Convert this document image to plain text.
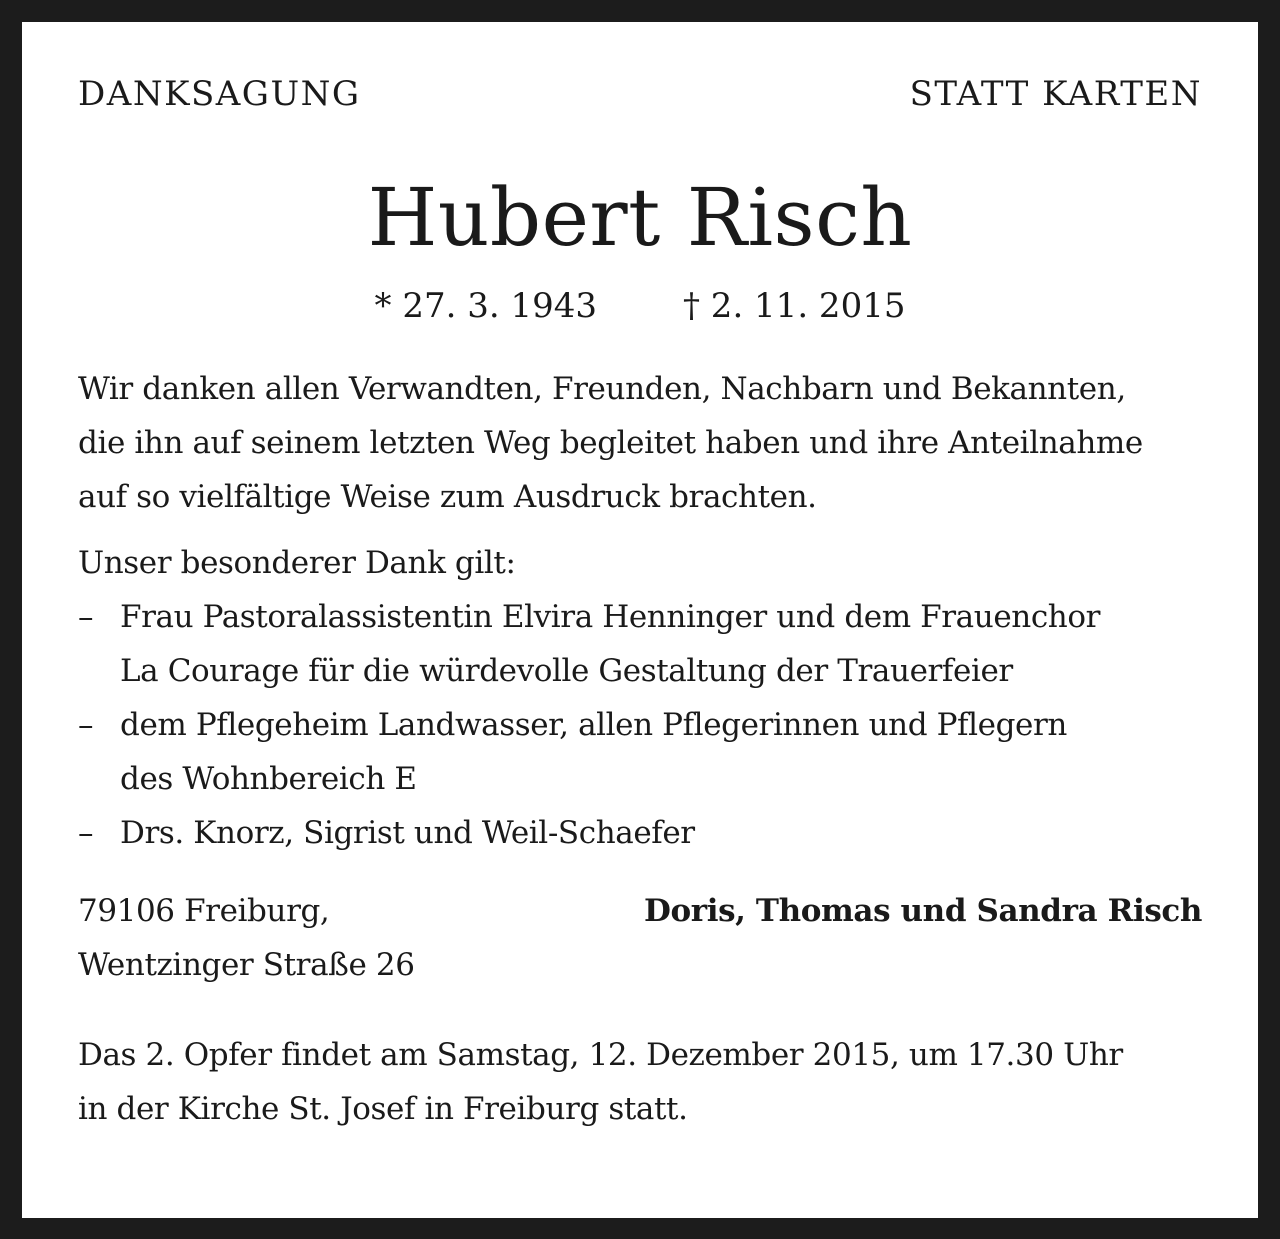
DANKSAGUNG	STATT KARTEN
Hubert Risch
* 27. 3. 1943	† 2. 11. 2015
Wir danken allen Verwandten, Freunden, Nachbarn und Bekannten,
die ihn auf seinem letzten Weg begleitet haben und ihre Anteilnahme
auf so vielfältige Weise zum Ausdruck brachten.
Unser besonderer Dank gilt:
– Frau Pastoralassistentin Elvira Henninger und dem Frauenchor
La Courage für die würdevolle Gestaltung der Trauerfeier
– dem Pflegeheim Landwasser, allen Pflegerinnen und Pflegern
des Wohnbereich E
– Drs. Knorz, Sigrist und Weil-Schaefer
79106 Freiburg,
Wentzinger Straße 26
Doris, Thomas und Sandra Risch
Das 2. Opfer findet am Samstag, 12. Dezember 2015, um 17.30 Uhr
in der Kirche St. Josef in Freiburg statt.
